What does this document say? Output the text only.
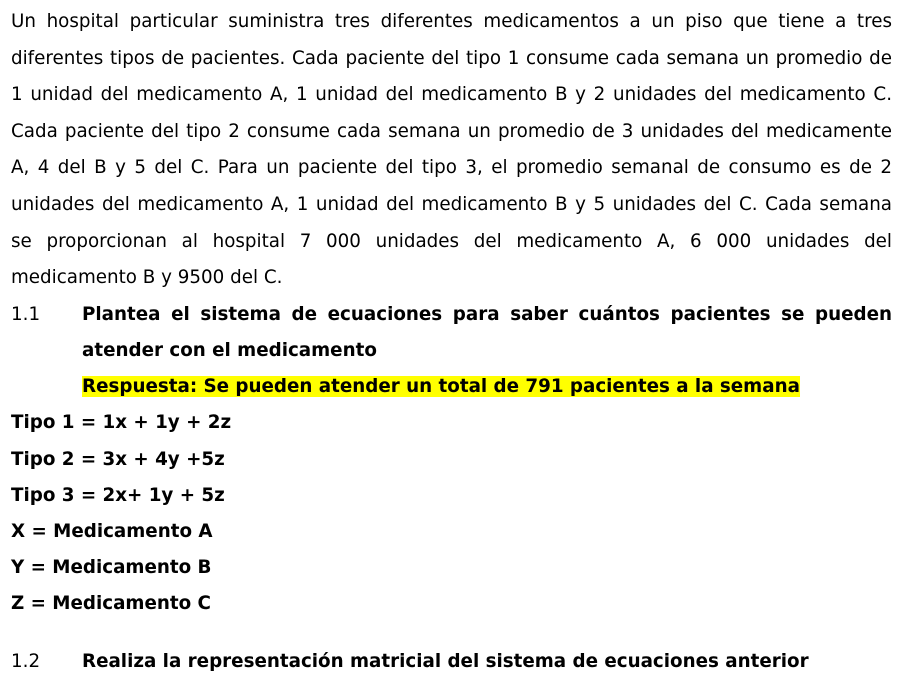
Un hospital particular suministra tres diferentes medicamentos a un piso que tiene a tres diferentes tipos de pacientes. Cada paciente del tipo 1 consume cada semana un promedio de 1 unidad del medicamento A, 1 unidad del medicamento B y 2 unidades del medicamento C. Cada paciente del tipo 2 consume cada semana un promedio de 3 unidades del medicamente A, 4 del B y 5 del C. Para un paciente del tipo 3, el promedio semanal de consumo es de 2 unidades del medicamento A, 1 unidad del medicamento B y 5 unidades del C. Cada semana se proporcionan al hospital 7 000 unidades del medicamento A, 6 000 unidades del medicamento B y 9500 del C.

1.1	Plantea el sistema de ecuaciones para saber cuántos pacientes se pueden atender con el medicamento
Respuesta: Se pueden atender un total de 791 pacientes a la semana

Tipo 1 = 1x + 1y + 2z

Tipo 2 = 3x + 4y +5z

Tipo 3 = 2x+ 1y + 5z

X = Medicamento A

Y = Medicamento B

Z = Medicamento C

1.2	Realiza la representación matricial del sistema de ecuaciones anterior
